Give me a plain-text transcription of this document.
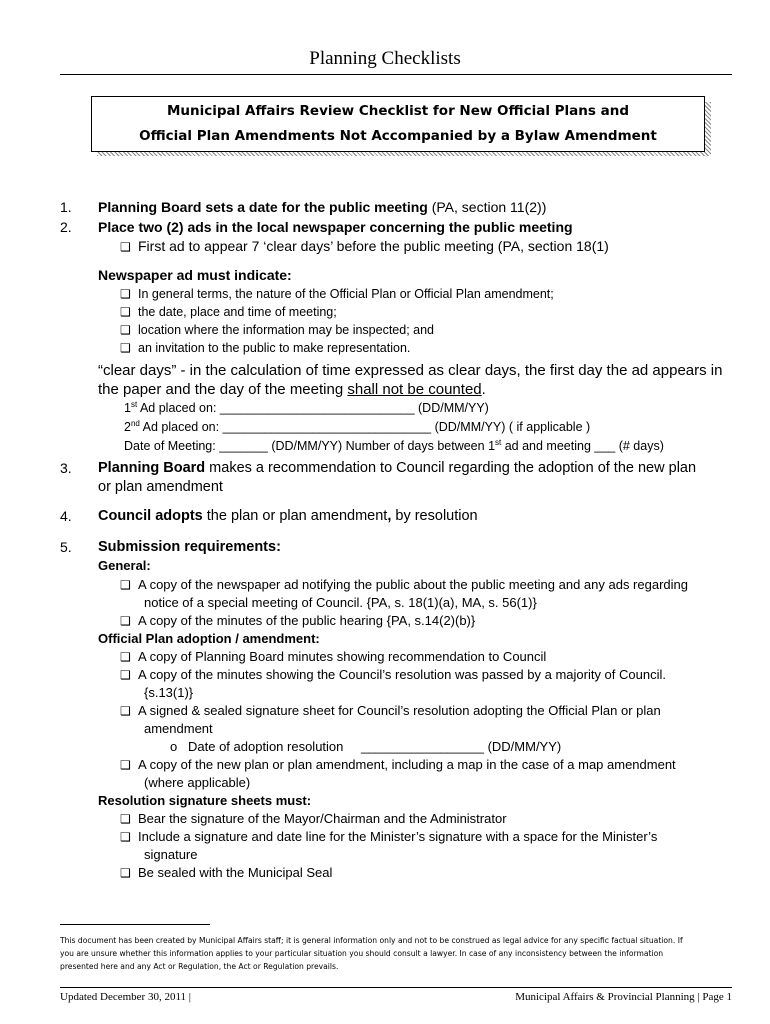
Planning Checklists
Municipal Affairs Review Checklist for New Official Plans and
Official Plan Amendments Not Accompanied by a Bylaw Amendment
1. Planning Board sets a date for the public meeting (PA, section 11(2))
2. Place two (2) ads in the local newspaper concerning the public meeting
❑ First ad to appear 7 ‘clear days’ before the public meeting (PA, section 18(1)
Newspaper ad must indicate:
❑ In general terms, the nature of the Official Plan or Official Plan amendment;
❑ the date, place and time of meeting;
❑ location where the information may be inspected; and
❑ an invitation to the public to make representation.
“clear days” - in the calculation of time expressed as clear days, the first day the ad appears in
the paper and the day of the meeting shall not be counted.
1st Ad placed on: ____________________________ (DD/MM/YY)
2nd Ad placed on: ______________________________ (DD/MM/YY) ( if applicable )
Date of Meeting: _______ (DD/MM/YY) Number of days between 1st ad and meeting ___ (# days)
3. Planning Board makes a recommendation to Council regarding the adoption of the new plan
or plan amendment
4. Council adopts the plan or plan amendment, by resolution
5. Submission requirements:
General:
❑ A copy of the newspaper ad notifying the public about the public meeting and any ads regarding
notice of a special meeting of Council. {PA, s. 18(1)(a), MA, s. 56(1)}
❑ A copy of the minutes of the public hearing {PA, s.14(2)(b)}
Official Plan adoption / amendment:
❑ A copy of Planning Board minutes showing recommendation to Council
❑ A copy of the minutes showing the Council’s resolution was passed by a majority of Council.
{s.13(1)}
❑ A signed & sealed signature sheet for Council’s resolution adopting the Official Plan or plan
amendment
o Date of adoption resolution _________________ (DD/MM/YY)
❑ A copy of the new plan or plan amendment, including a map in the case of a map amendment
(where applicable)
Resolution signature sheets must:
❑ Bear the signature of the Mayor/Chairman and the Administrator
❑ Include a signature and date line for the Minister’s signature with a space for the Minister’s
signature
❑ Be sealed with the Municipal Seal
This document has been created by Municipal Affairs staff; it is general information only and not to be construed as legal advice for any specific factual situation. If
you are unsure whether this information applies to your particular situation you should consult a lawyer. In case of any inconsistency between the information
presented here and any Act or Regulation, the Act or Regulation prevails.
Updated December 30, 2011 |	Municipal Affairs & Provincial Planning | Page 1
